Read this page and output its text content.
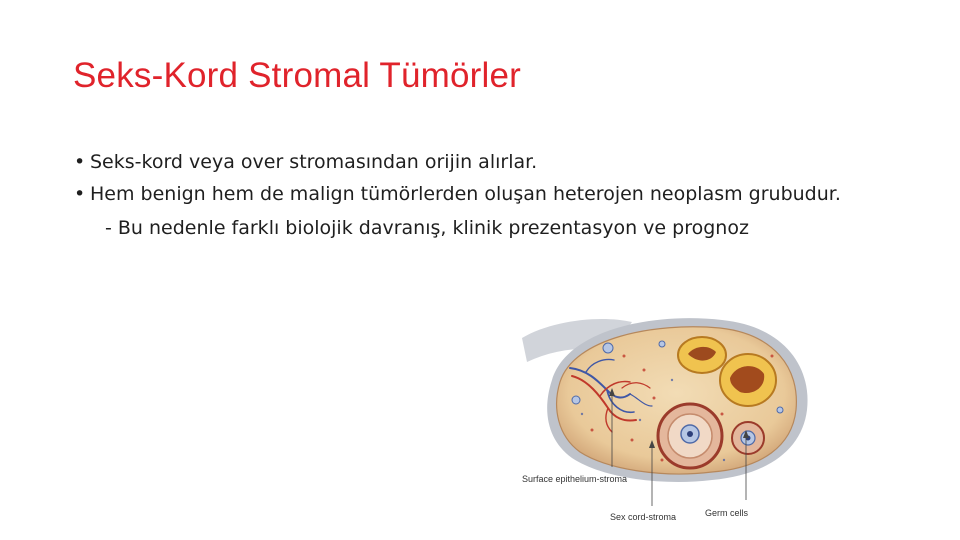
Seks-Kord Stromal Tümörler
• Seks-kord veya over stromasından orijin alırlar.
• Hem benign hem de malign tümörlerden oluşan heterojen neoplasm grubudur.
- Bu nedenle farklı biolojik davranış, klinik prezentasyon ve prognoz
Surface epithelium-stroma
Sex cord-stroma	Germ cells
